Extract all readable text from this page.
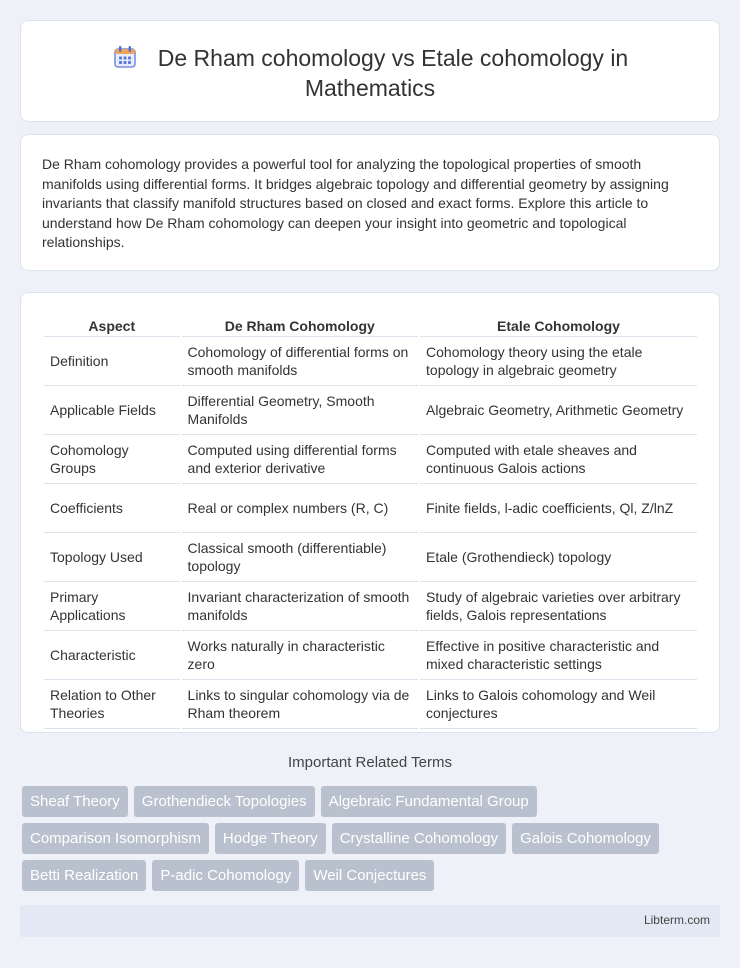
De Rham cohomology vs Etale cohomology in
Mathematics

De Rham cohomology provides a powerful tool for analyzing the topological properties of smooth manifolds using differential forms. It bridges algebraic topology and differential geometry by assigning invariants that classify manifold structures based on closed and exact forms. Explore this article to understand how De Rham cohomology can deepen your insight into geometric and topological relationships.

Aspect	De Rham Cohomology	Etale Cohomology
Definition	Cohomology of differential forms on smooth manifolds	Cohomology theory using the etale topology in algebraic geometry
Applicable Fields	Differential Geometry, Smooth Manifolds	Algebraic Geometry, Arithmetic Geometry
Cohomology Groups	Computed using differential forms and exterior derivative	Computed with etale sheaves and continuous Galois actions
Coefficients	Real or complex numbers (R, C)	Finite fields, l-adic coefficients, Ql, Z/lnZ
Topology Used	Classical smooth (differentiable) topology	Etale (Grothendieck) topology
Primary Applications	Invariant characterization of smooth manifolds	Study of algebraic varieties over arbitrary fields, Galois representations
Characteristic	Works naturally in characteristic zero	Effective in positive characteristic and mixed characteristic settings
Relation to Other Theories	Links to singular cohomology via de Rham theorem	Links to Galois cohomology and Weil conjectures
Important Related Terms
Sheaf Theory	Grothendieck Topologies	Algebraic Fundamental Group
Comparison Isomorphism	Hodge Theory	Crystalline Cohomology	Galois Cohomology
Betti Realization	P-adic Cohomology	Weil Conjectures
Libterm.com
